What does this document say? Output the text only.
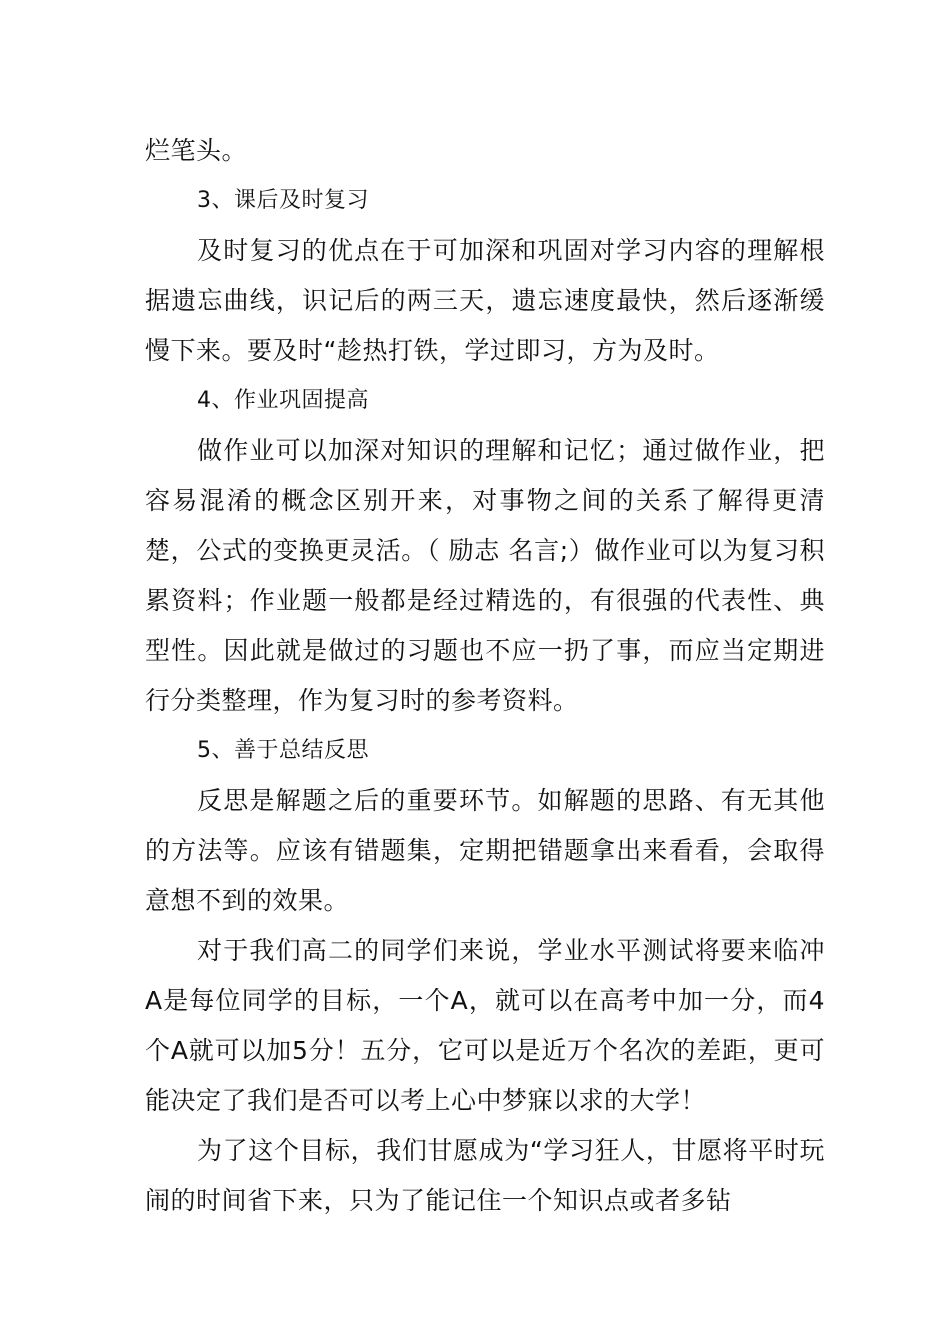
烂笔头。

3、课后及时复习

及时复习的优点在于可加深和巩固对学习内容的理解根据遗忘曲线，识记后的两三天，遗忘速度最快，然后逐渐缓慢下来。要及时“趁热打铁，学过即习，方为及时。

4、作业巩固提高

做作业可以加深对知识的理解和记忆；通过做作业，把容易混淆的概念区别开来，对事物之间的关系了解得更清楚，公式的变换更灵活。（ 励志 名言;）做作业可以为复习积累资料；作业题一般都是经过精选的，有很强的代表性、典型性。因此就是做过的习题也不应一扔了事，而应当定期进行分类整理，作为复习时的参考资料。

5、善于总结反思

反思是解题之后的重要环节。如解题的思路、有无其他的方法等。应该有错题集，定期把错题拿出来看看，会取得意想不到的效果。

对于我们高二的同学们来说，学业水平测试将要来临冲A是每位同学的目标，一个A，就可以在高考中加一分，而4个A就可以加5分！五分，它可以是近万个名次的差距，更可能决定了我们是否可以考上心中梦寐以求的大学！

为了这个目标，我们甘愿成为“学习狂人，甘愿将平时玩闹的时间省下来，只为了能记住一个知识点或者多钻
